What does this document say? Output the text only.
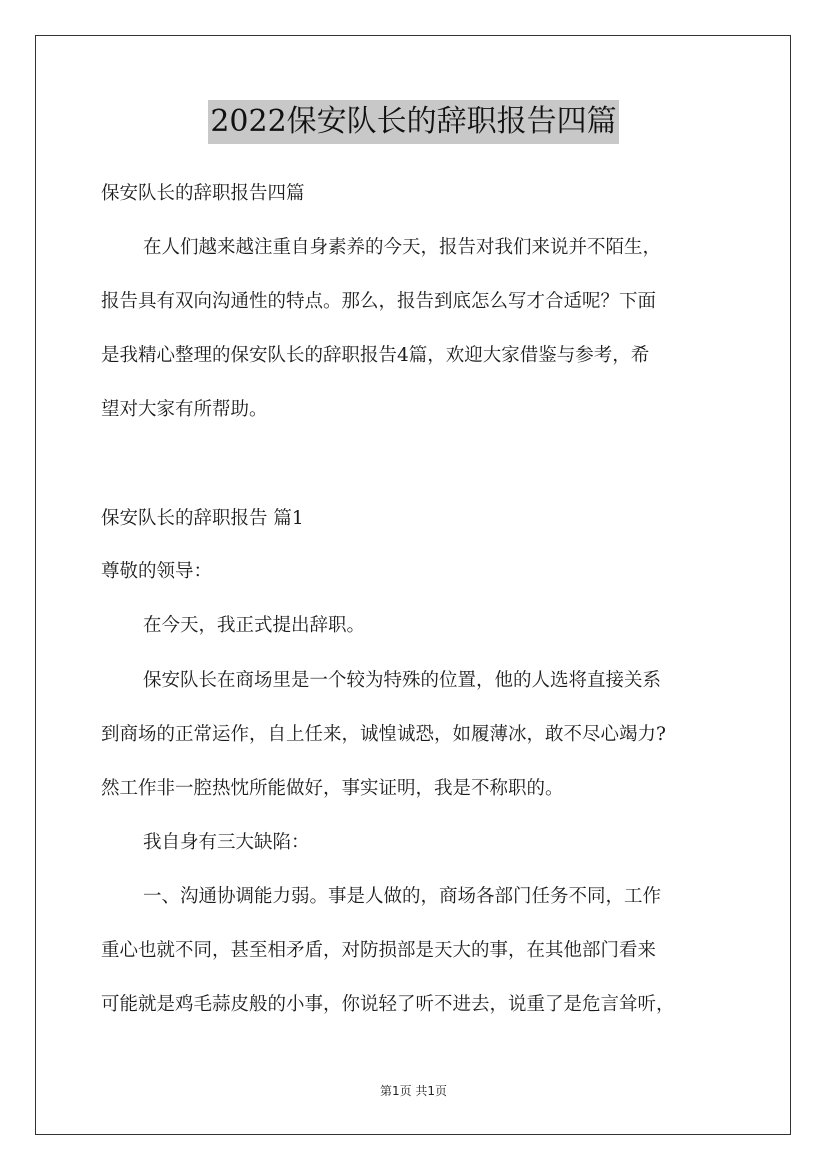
2022保安队长的辞职报告四篇
保安队长的辞职报告四篇
在人们越来越注重自身素养的今天，报告对我们来说并不陌生，
报告具有双向沟通性的特点。那么，报告到底怎么写才合适呢？下面
是我精心整理的保安队长的辞职报告4篇，欢迎大家借鉴与参考，希
望对大家有所帮助。
保安队长的辞职报告 篇1
尊敬的领导：
在今天，我正式提出辞职。
保安队长在商场里是一个较为特殊的位置，他的人选将直接关系
到商场的正常运作，自上任来，诚惶诚恐，如履薄冰，敢不尽心竭力?
然工作非一腔热忱所能做好，事实证明，我是不称职的。
我自身有三大缺陷：
一、沟通协调能力弱。事是人做的，商场各部门任务不同，工作
重心也就不同，甚至相矛盾，对防损部是天大的事，在其他部门看来
可能就是鸡毛蒜皮般的小事，你说轻了听不进去，说重了是危言耸听，
第1页 共1页
